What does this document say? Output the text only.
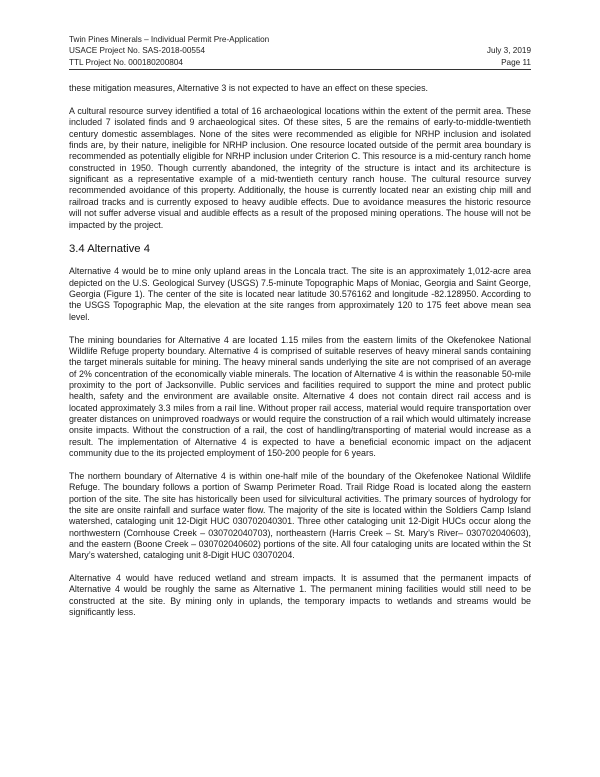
Twin Pines Minerals – Individual Permit Pre-Application
USACE Project No. SAS-2018-00554	July 3, 2019
TTL Project No. 000180200804	Page 11

these mitigation measures, Alternative 3 is not expected to have an effect on these species.

A cultural resource survey identified a total of 16 archaeological locations within the extent of the permit area. These included 7 isolated finds and 9 archaeological sites. Of these sites, 5 are the remains of early-to-middle-twentieth century domestic assemblages. None of the sites were recommended as eligible for NRHP inclusion and isolated finds are, by their nature, ineligible for NRHP inclusion. One resource located outside of the permit area boundary is recommended as potentially eligible for NRHP inclusion under Criterion C. This resource is a mid-century ranch home constructed in 1950. Though currently abandoned, the integrity of the structure is intact and its architecture is significant as a representative example of a mid-twentieth century ranch house. The cultural resource survey recommended avoidance of this property. Additionally, the house is currently located near an existing chip mill and railroad tracks and is currently exposed to heavy audible effects. Due to avoidance measures the historic resource will not suffer adverse visual and audible effects as a result of the proposed mining operations. The house will not be impacted by the project.

3.4 Alternative 4

Alternative 4 would be to mine only upland areas in the Loncala tract. The site is an approximately 1,012-acre area depicted on the U.S. Geological Survey (USGS) 7.5-minute Topographic Maps of Moniac, Georgia and Saint George, Georgia (Figure 1). The center of the site is located near latitude 30.576162 and longitude -82.128950. According to the USGS Topographic Map, the elevation at the site ranges from approximately 120 to 175 feet above mean sea level.

The mining boundaries for Alternative 4 are located 1.15 miles from the eastern limits of the Okefenokee National Wildlife Refuge property boundary. Alternative 4 is comprised of suitable reserves of heavy mineral sands containing the target minerals suitable for mining. The heavy mineral sands underlying the site are not comprised of an average of 2% concentration of the economically viable minerals. The location of Alternative 4 is within the reasonable 50-mile proximity to the port of Jacksonville. Public services and facilities required to support the mine and protect public health, safety and the environment are available onsite. Alternative 4 does not contain direct rail access and is located approximately 3.3 miles from a rail line. Without proper rail access, material would require transportation over greater distances on unimproved roadways or would require the construction of a rail which would ultimately increase onsite impacts. Without the construction of a rail, the cost of handling/transporting of material would increase as a result. The implementation of Alternative 4 is expected to have a beneficial economic impact on the adjacent community due to the its projected employment of 150-200 people for 6 years.

The northern boundary of Alternative 4 is within one-half mile of the boundary of the Okefenokee National Wildlife Refuge. The boundary follows a portion of Swamp Perimeter Road. Trail Ridge Road is located along the eastern portion of the site. The site has historically been used for silvicultural activities. The primary sources of hydrology for the site are onsite rainfall and surface water flow. The majority of the site is located within the Soldiers Camp Island watershed, cataloging unit 12-Digit HUC 030702040301. Three other cataloging unit 12-Digit HUCs occur along the northwestern (Cornhouse Creek – 030702040703), northeastern (Harris Creek – St. Mary’s River– 030702040603), and the eastern (Boone Creek – 030702040602) portions of the site. All four cataloging units are located within the St Mary’s watershed, cataloging unit 8-Digit HUC 03070204.

Alternative 4 would have reduced wetland and stream impacts. It is assumed that the permanent impacts of Alternative 4 would be roughly the same as Alternative 1. The permanent mining facilities would still need to be constructed at the site. By mining only in uplands, the temporary impacts to wetlands and streams would be significantly less.
